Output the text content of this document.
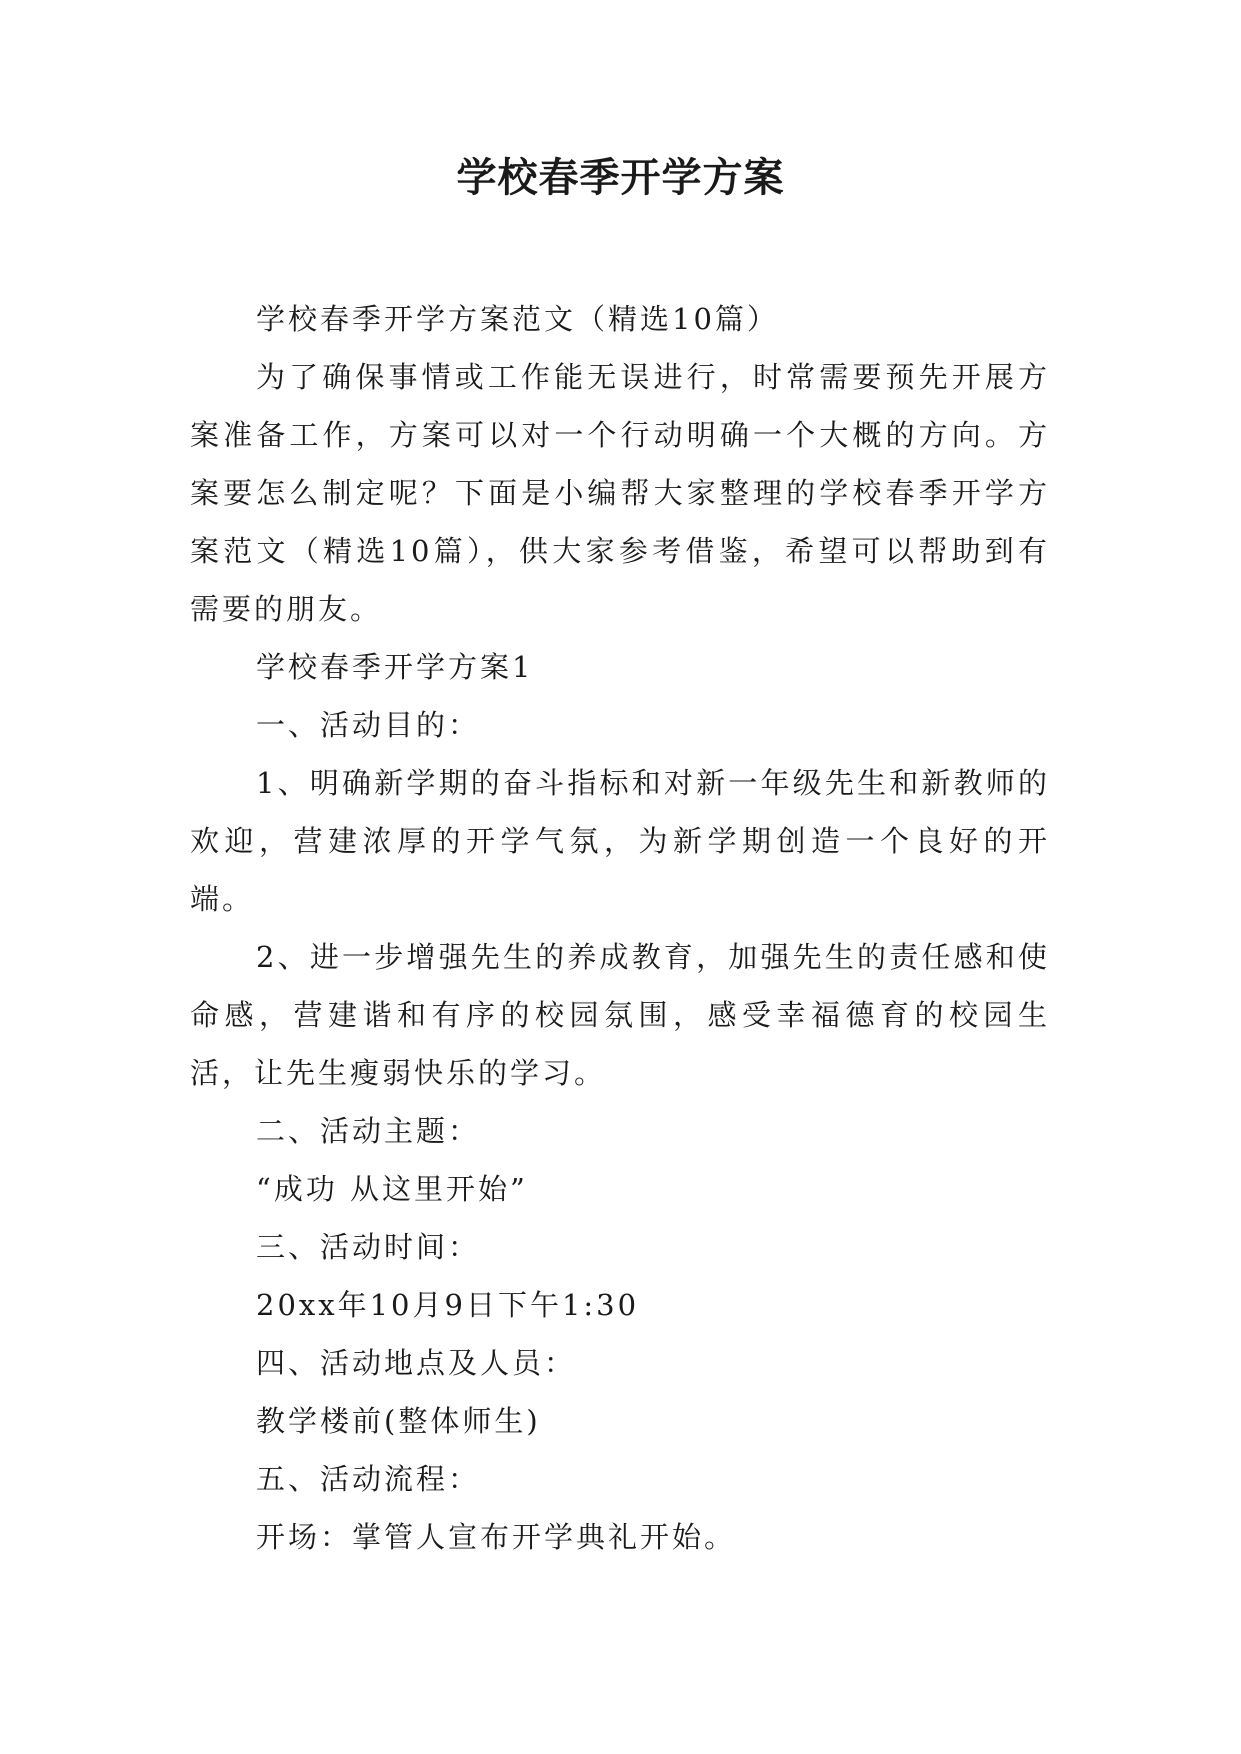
学校春季开学方案

学校春季开学方案范文（精选10篇）

为了确保事情或工作能无误进行，时常需要预先开展方案准备工作，方案可以对一个行动明确一个大概的方向。方案要怎么制定呢？下面是小编帮大家整理的学校春季开学方案范文（精选10篇），供大家参考借鉴，希望可以帮助到有需要的朋友。

学校春季开学方案1

一、活动目的：

1、明确新学期的奋斗指标和对新一年级先生和新教师的欢迎，营建浓厚的开学气氛，为新学期创造一个良好的开端。

2、进一步增强先生的养成教育，加强先生的责任感和使命感，营建谐和有序的校园氛围，感受幸福德育的校园生活，让先生瘦弱快乐的学习。

二、活动主题：

“成功 从这里开始”

三、活动时间：

20xx年10月9日下午1:30

四、活动地点及人员：

教学楼前(整体师生)

五、活动流程：

开场：掌管人宣布开学典礼开始。
